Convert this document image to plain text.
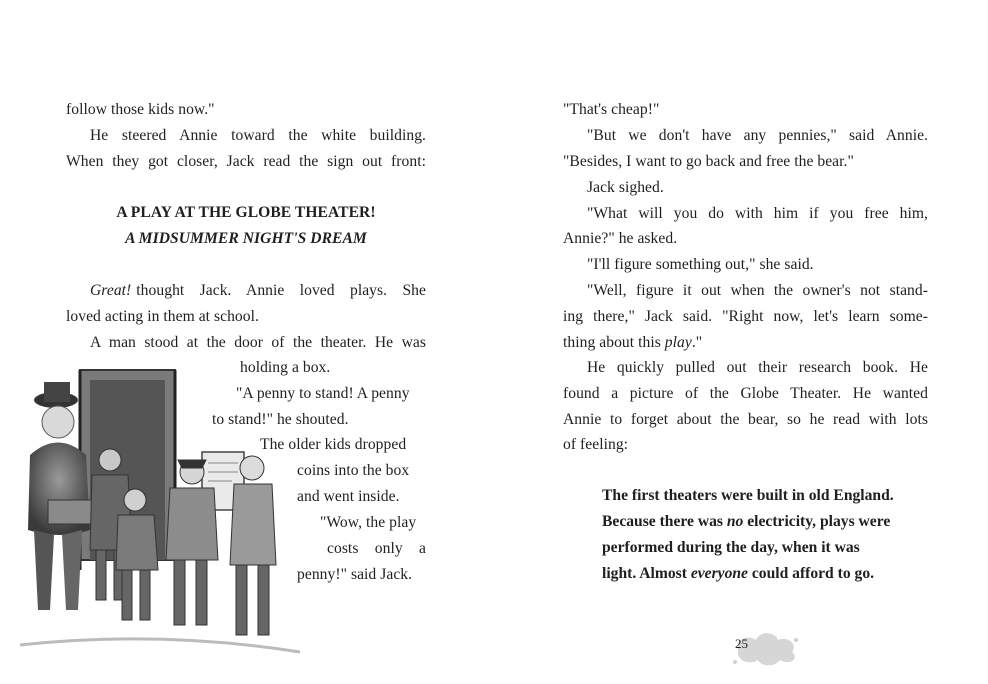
follow those kids now."
He steered Annie toward the white building.
When they got closer, Jack read the sign out front:
A PLAY AT THE GLOBE THEATER!
A MIDSUMMER NIGHT'S DREAM
Great! thought Jack. Annie loved plays. She
loved acting in them at school.
A man stood at the door of the theater. He was
holding a box.
"A penny to stand! A penny
to stand!" he shouted.
The older kids dropped
coins into the box
and went inside.
"Wow, the play
costs only a
penny!" said Jack.
"That's cheap!"
"But we don't have any pennies," said Annie.
"Besides, I want to go back and free the bear."
Jack sighed.
"What will you do with him if you free him,
Annie?" he asked.
"I'll figure something out," she said.
"Well, figure it out when the owner's not stand-
ing there," Jack said. "Right now, let's learn some-
thing about this play."
He quickly pulled out their research book. He
found a picture of the Globe Theater. He wanted
Annie to forget about the bear, so he read with lots
of feeling:
The first theaters were built in old England.
Because there was no electricity, plays were
performed during the day, when it was
light. Almost everyone could afford to go.
25
